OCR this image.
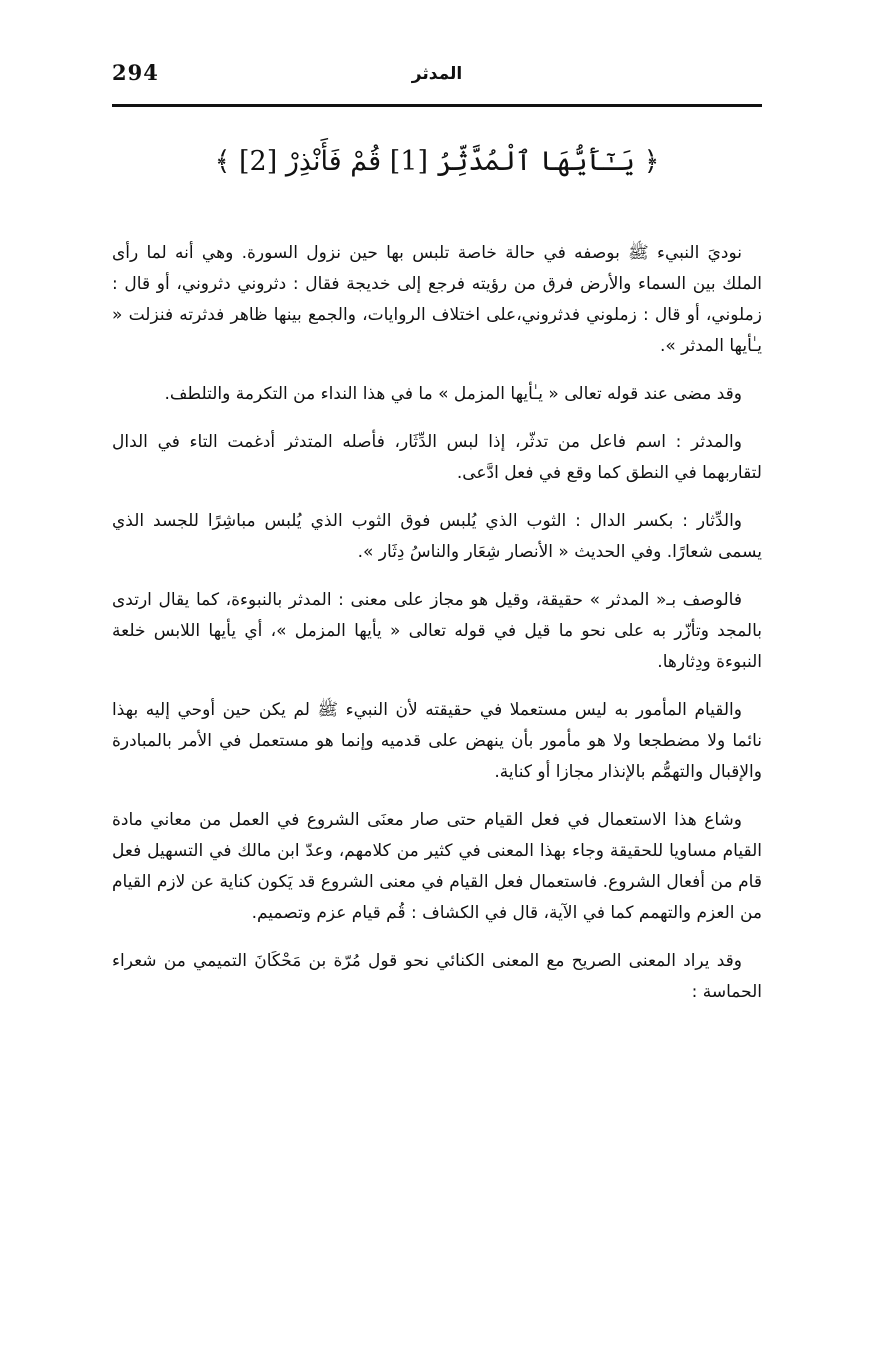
294	المدثر
﴿ يَـٰٓأَيُّهَا ٱلْمُدَّثِّرُ [1] قُمْ فَأَنْذِرْ [2] ﴾

نوديَ النبيء ﷺ بوصفه في حالة خاصة تلبس بها حين نزول السورة. وهي أنه لما رأى الملك بين السماء والأرض فرق من رؤيته فرجع إلى خديجة فقال : دثروني دثروني، أو قال : زملوني، أو قال : زملوني فدثروني،على اختلاف الروايات، والجمع بينها ظاهر فدثرته فنزلت « يـٰأيها المدثر ».

وقد مضى عند قوله تعالى « يـٰأيها المزمل » ما في هذا النداء من التكرمة والتلطف.

والمدثر : اسم فاعل من تدثّر، إذا لبس الدِّثَار، فأصله المتدثر أدغمت التاء في الدال لتقاربهما في النطق كما وقع في فعل ادَّعى.

والدِّثار : بكسر الدال : الثوب الذي يُلبس فوق الثوب الذي يُلبس مباشِرًا للجسد الذي يسمى شعارًا. وفي الحديث « الأنصار شِعَار والناسُ دِثَار ».

فالوصف بـ« المدثر » حقيقة، وقيل هو مجاز على معنى : المدثر بالنبوءة، كما يقال ارتدى بالمجد وتأزّر به على نحو ما قيل في قوله تعالى « يأيها المزمل »، أي يأيها اللابس خلعة النبوءة ودِثارها.

والقيام المأمور به ليس مستعملا في حقيقته لأن النبيء ﷺ لم يكن حين أوحي إليه بهذا نائما ولا مضطجعا ولا هو مأمور بأن ينهض على قدميه وإنما هو مستعمل في الأمر بالمبادرة والإقبال والتهمُّم بالإنذار مجازا أو كناية.

وشاع هذا الاستعمال في فعل القيام حتى صار معنَى الشروع في العمل من معاني مادة القيام مساويا للحقيقة وجاء بهذا المعنى في كثير من كلامهم، وعدّ ابن مالك في التسهيل فعل قام من أفعال الشروع. فاستعمال فعل القيام في معنى الشروع قد يَكون كناية عن لازم القيام من العزم والتهمم كما في الآية، قال في الكشاف : قُم قيام عزم وتصميم.

وقد يراد المعنى الصريح مع المعنى الكنائي نحو قول مُرّة بن مَحْكَانَ التميمي من شعراء الحماسة :
